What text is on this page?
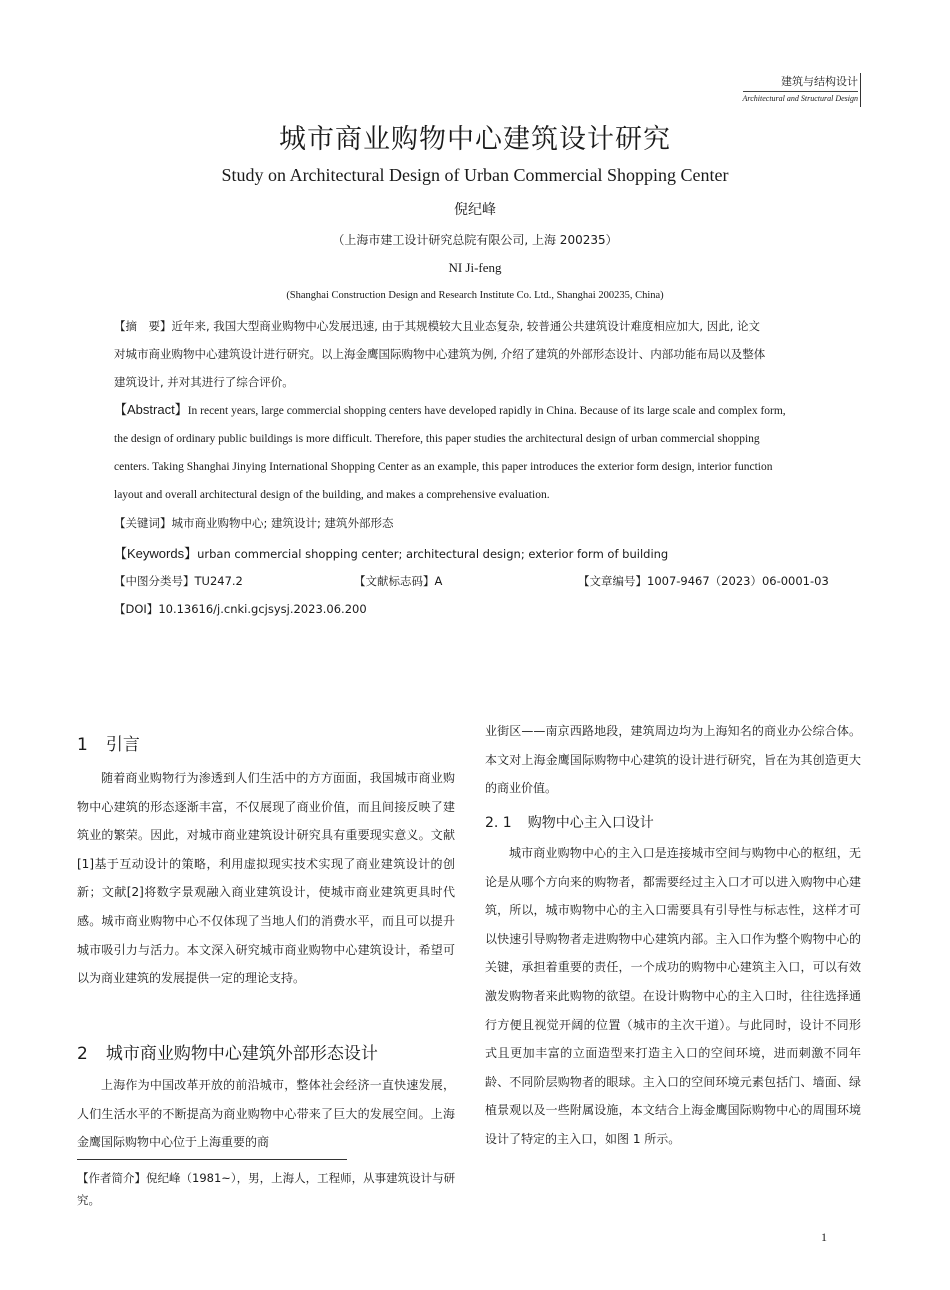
建筑与结构设计
Architectural and Structural Design
城市商业购物中心建筑设计研究
Study on Architectural Design of Urban Commercial Shopping Center
倪纪峰
（上海市建工设计研究总院有限公司, 上海 200235）
NI Ji-feng
(Shanghai Construction Design and Research Institute Co. Ltd., Shanghai 200235, China)
【摘　要】近年来, 我国大型商业购物中心发展迅速, 由于其规模较大且业态复杂, 较普通公共建筑设计难度相应加大, 因此, 论文
对城市商业购物中心建筑设计进行研究。以上海金鹰国际购物中心建筑为例, 介绍了建筑的外部形态设计、内部功能布局以及整体
建筑设计, 并对其进行了综合评价。
【Abstract】In recent years, large commercial shopping centers have developed rapidly in China. Because of its large scale and complex form,
the design of ordinary public buildings is more difficult. Therefore, this paper studies the architectural design of urban commercial shopping
centers. Taking Shanghai Jinying International Shopping Center as an example, this paper introduces the exterior form design, interior function
layout and overall architectural design of the building, and makes a comprehensive evaluation.
【关键词】城市商业购物中心; 建筑设计; 建筑外部形态
【Keywords】urban commercial shopping center; architectural design; exterior form of building
【中图分类号】TU247.2	【文献标志码】A	【文章编号】1007-9467（2023）06-0001-03
【DOI】10.13616/j.cnki.gcjsysj.2023.06.200
1 引言

随着商业购物行为渗透到人们生活中的方方面面，我国城市商业购物中心建筑的形态逐渐丰富，不仅展现了商业价值，而且间接反映了建筑业的繁荣。因此，对城市商业建筑设计研究具有重要现实意义。文献[1]基于互动设计的策略，利用虚拟现实技术实现了商业建筑设计的创新；文献[2]将数字景观融入商业建筑设计，使城市商业建筑更具时代感。城市商业购物中心不仅体现了当地人们的消费水平，而且可以提升城市吸引力与活力。本文深入研究城市商业购物中心建筑设计，希望可以为商业建筑的发展提供一定的理论支持。

2 城市商业购物中心建筑外部形态设计

上海作为中国改革开放的前沿城市，整体社会经济一直快速发展，人们生活水平的不断提高为商业购物中心带来了巨大的发展空间。上海金鹰国际购物中心位于上海重要的商

【作者简介】倪纪峰（1981~），男，上海人，工程师，从事建筑设计与研究。

业街区——南京西路地段，建筑周边均为上海知名的商业办公综合体。本文对上海金鹰国际购物中心建筑的设计进行研究，旨在为其创造更大的商业价值。

2. 1 购物中心主入口设计

城市商业购物中心的主入口是连接城市空间与购物中心的枢纽，无论是从哪个方向来的购物者，都需要经过主入口才可以进入购物中心建筑，所以，城市购物中心的主入口需要具有引导性与标志性，这样才可以快速引导购物者走进购物中心建筑内部。主入口作为整个购物中心的关键，承担着重要的责任，一个成功的购物中心建筑主入口，可以有效激发购物者来此购物的欲望。在设计购物中心的主入口时，往往选择通行方便且视觉开阔的位置（城市的主次干道）。与此同时，设计不同形式且更加丰富的立面造型来打造主入口的空间环境，进而刺激不同年龄、不同阶层购物者的眼球。主入口的空间环境元素包括门、墙面、绿植景观以及一些附属设施，本文结合上海金鹰国际购物中心的周围环境设计了特定的主入口，如图 1 所示。

1
